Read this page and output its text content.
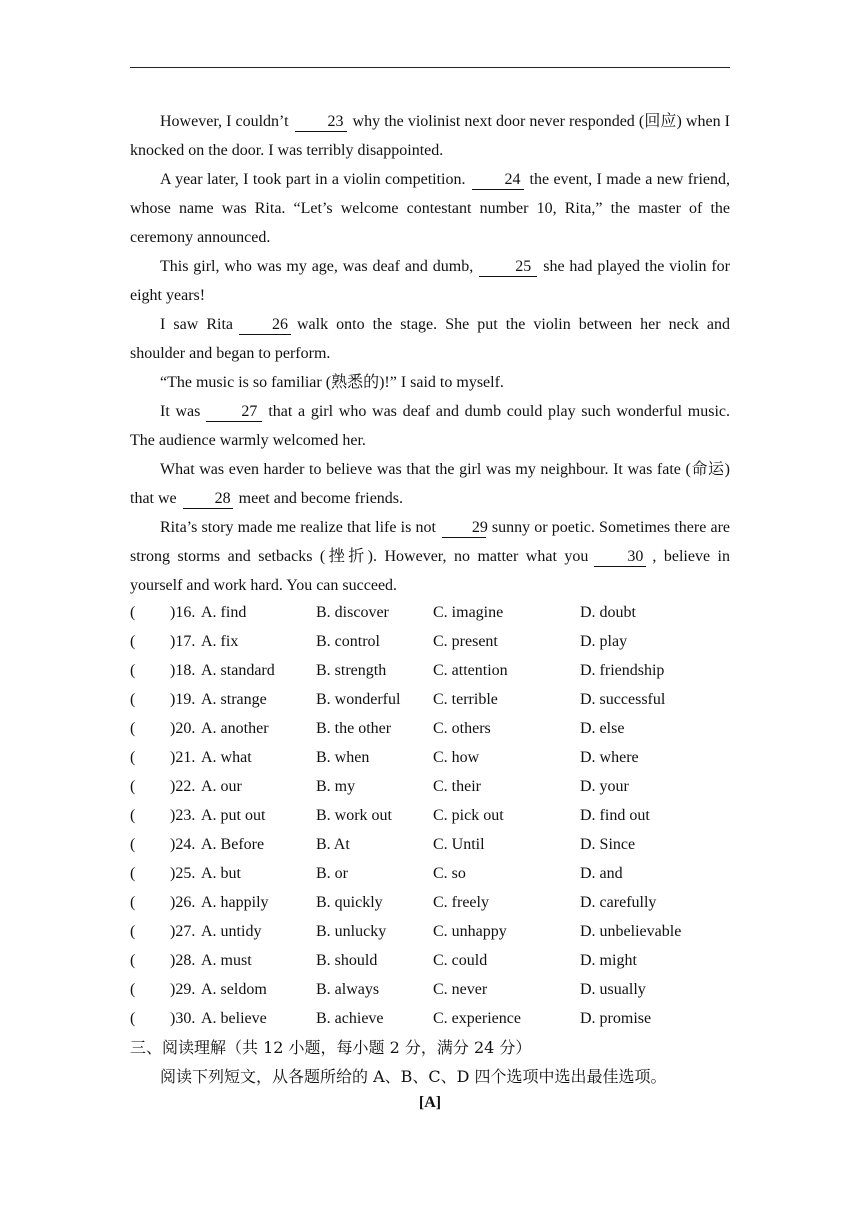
However, I couldn’t 23 why the violinist next door never responded (回应) when I knocked on the door. I was terribly disappointed.

A year later, I took part in a violin competition. 24 the event, I made a new friend, whose name was Rita. “Let’s welcome contestant number 10, Rita,” the master of the ceremony announced.

This girl, who was my age, was deaf and dumb,	25 she had played the violin for eight years!

I saw Rita 26 walk onto the stage. She put the violin between her neck and shoulder and began to perform.

“The music is so familiar (熟悉的)!” I said to myself.

It was	27 that a girl who was deaf and dumb could play such wonderful music. The audience warmly welcomed her.

What was even harder to believe was that the girl was my neighbour. It was fate (命运) that we 28 meet and become friends.

Rita’s story made me realize that life is not 29 sunny or poetic. Sometimes there are strong storms and setbacks (挫折). However, no matter what you 30 , believe in yourself and work hard. You can succeed.

( )16. A. find	B. discover	C. imagine	D. doubt
( )17. A. fix	B. control	C. present	D. play
( )18. A. standard	B. strength	C. attention	D. friendship
( )19. A. strange	B. wonderful C. terrible	D. successful
( )20. A. another	B. the other	C. others	D. else
( )21. A. what	B. when	C. how	D. where
( )22. A. our	B. my	C. their	D. your
( )23. A. put out	B. work out	C. pick out	D. find out
( )24. A. Before	B. At	C. Until	D. Since
( )25. A. but	B. or	C. so	D. and
( )26. A. happily	B. quickly	C. freely	D. carefully
( )27. A. untidy	B. unlucky	C. unhappy	D. unbelievable
( )28. A. must	B. should	C. could	D. might
( )29. A. seldom	B. always	C. never	D. usually
( )30. A. believe	B. achieve	C. experience	D. promise
三、阅读理解（共 12 小题，每小题 2 分，满分 24 分）
阅读下列短文，从各题所给的 A、B、C、D 四个选项中选出最佳选项。
[A]
